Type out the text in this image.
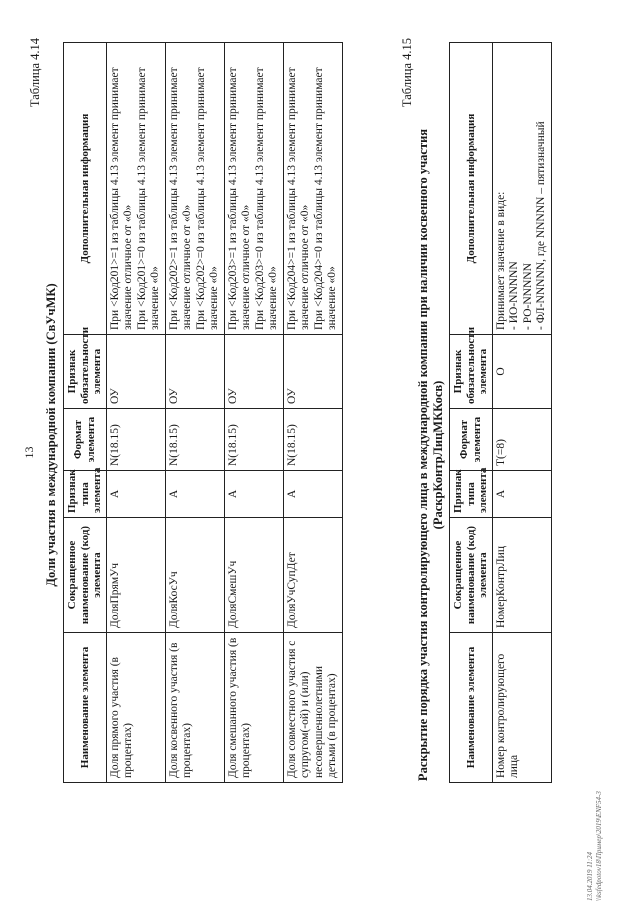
13
Таблица 4.14
Доли участия в международной компании (СвУчМК)
Наименование элемента	Сокращенное наименование (код) элемента	Признак типа элемента	Формат элемента	Признак обязательности элемента	Дополнительная информация
Доля прямого участия (в процентах)	ДоляПрямУч	А	N(18.15)	ОУ	При <Код201>=1 из таблицы 4.13 элемент принимает значение отличное от «0» При <Код201>=0 из таблицы 4.13 элемент принимает значение «0»

Доля косвенного участия (в процентах)	ДоляКосУч	А	N(18.15)	ОУ	При <Код202>=1 из таблицы 4.13 элемент принимает значение отличное от «0» При <Код202>=0 из таблицы 4.13 элемент принимает значение «0»

Доля смешанного участия (в процентах)	ДоляСмешУч	А	N(18.15)	ОУ	При <Код203>=1 из таблицы 4.13 элемент принимает значение отличное от «0» При <Код203>=0 из таблицы 4.13 элемент принимает значение «0»

Доля совместного участия с супругом(-ой) и (или) несовершеннолетними детьми (в процентах)	ДоляУчСупДет	А	N(18.15)	ОУ	При <Код204>=1 из таблицы 4.13 элемент принимает значение отличное от «0» При <Код204>=0 из таблицы 4.13 элемент принимает значение «0»
Таблица 4.15
Раскрытие порядка участия контролирующего лица в международной компании при наличии косвенного участия (РаскрКонтрЛицМККосв)
Наименование элемента	Сокращенное наименование (код) элемента	Признак типа элемента	Формат элемента	Признак обязательности элемента	Дополнительная информация
Номер контролирующего лица	НомерКонтрЛиц	А	T(=8)	О	Принимает значение в виде: - ИО-NNNNN - РО-NNNNN - ФЛ-NNNNN, где NNNNN – пятизначный
13.04.2019 11:24 \\ksfedpotov18\Пример\2019\ENF54-3
